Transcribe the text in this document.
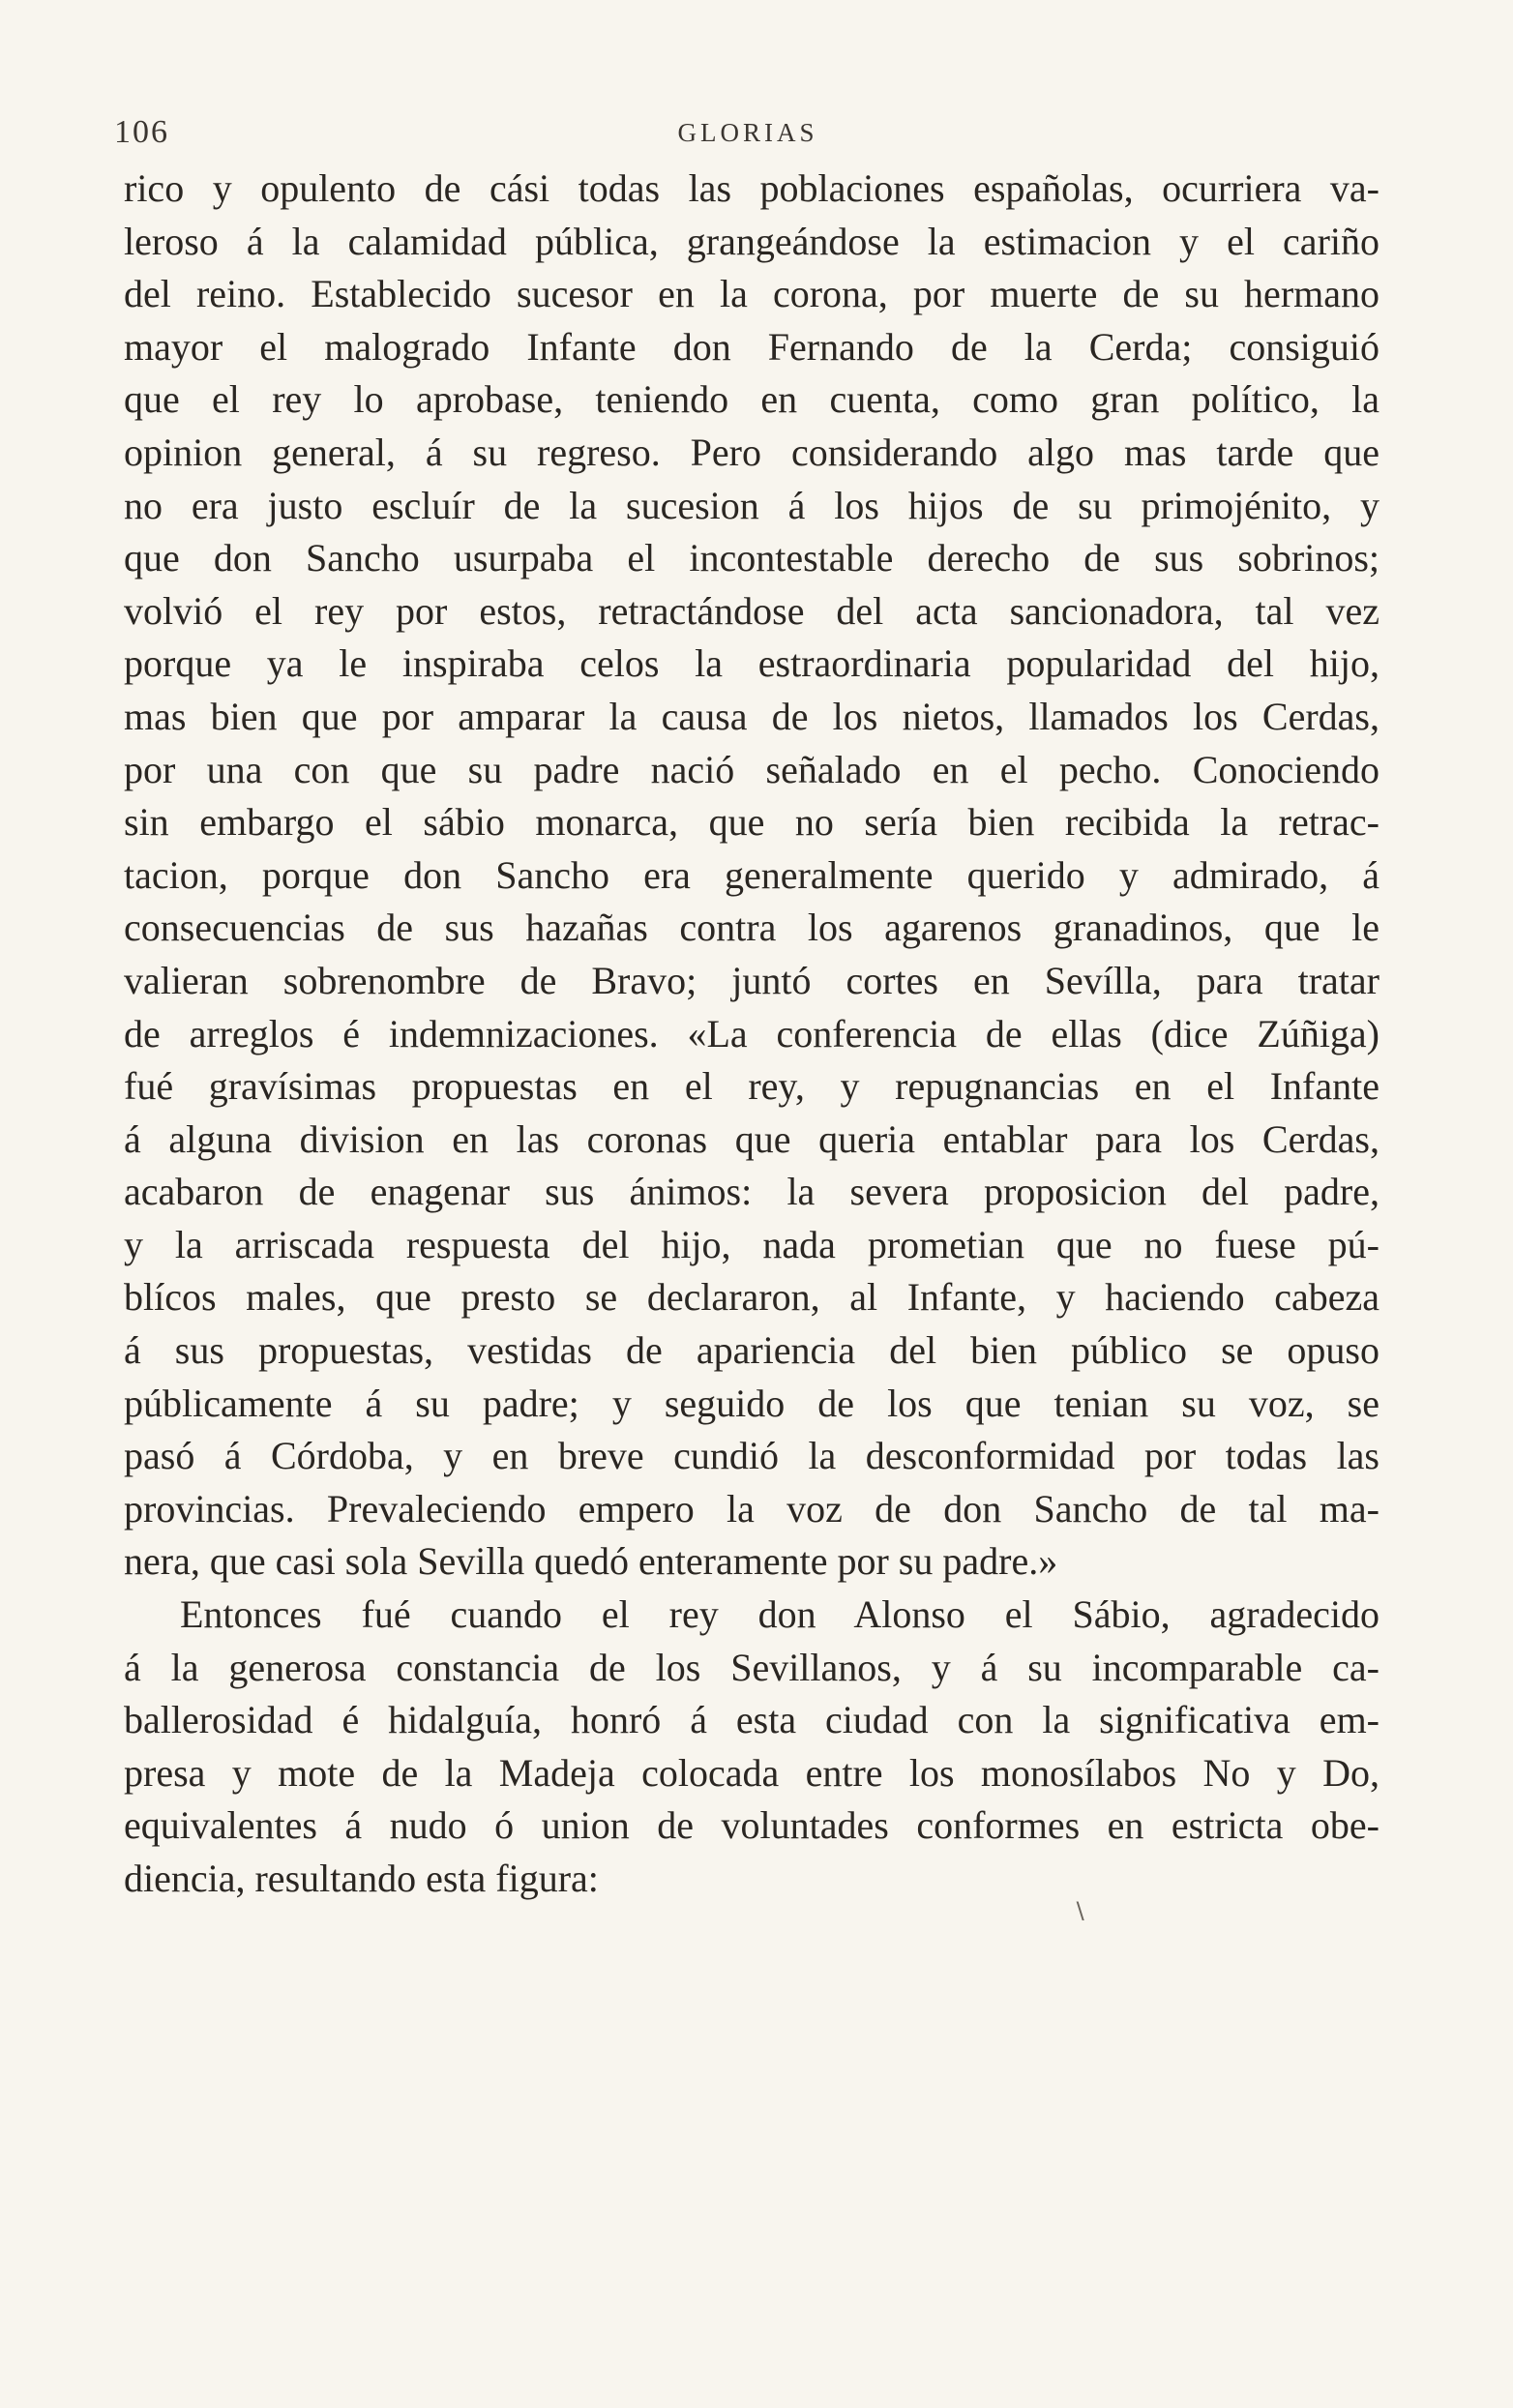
106	GLORIAS
rico y opulento de cási todas las poblaciones españolas, ocurriera va-
leroso á la calamidad pública, grangeándose la estimacion y el cariño
del reino. Establecido sucesor en la corona, por muerte de su hermano
mayor el malogrado Infante don Fernando de la Cerda; consiguió
que el rey lo aprobase, teniendo en cuenta, como gran político, la
opinion general, á su regreso. Pero considerando algo mas tarde que
no era justo escluír de la sucesion á los hijos de su primojénito, y
que don Sancho usurpaba el incontestable derecho de sus sobrinos;
volvió el rey por estos, retractándose del acta sancionadora, tal vez
porque ya le inspiraba celos la estraordinaria popularidad del hijo,
mas bien que por amparar la causa de los nietos, llamados los Cerdas,
por una con que su padre nació señalado en el pecho. Conociendo
sin embargo el sábio monarca, que no sería bien recibida la retrac-
tacion, porque don Sancho era generalmente querido y admirado, á
consecuencias de sus hazañas contra los agarenos granadinos, que le
valieran sobrenombre de Bravo; juntó cortes en Sevílla, para tratar
de arreglos é indemnizaciones. «La conferencia de ellas (dice Zúñiga)
fué gravísimas propuestas en el rey, y repugnancias en el Infante
á alguna division en las coronas que queria entablar para los Cerdas,
acabaron de enagenar sus ánimos: la severa proposicion del padre,
y la arriscada respuesta del hijo, nada prometian que no fuese pú-
blícos males, que presto se declararon, al Infante, y haciendo cabeza
á sus propuestas, vestidas de apariencia del bien público se opuso
públicamente á su padre; y seguido de los que tenian su voz, se
pasó á Córdoba, y en breve cundió la desconformidad por todas las
provincias. Prevaleciendo empero la voz de don Sancho de tal ma-
nera, que casi sola Sevilla quedó enteramente por su padre.»
Entonces fué cuando el rey don Alonso el Sábio, agradecido
á la generosa constancia de los Sevillanos, y á su incomparable ca-
ballerosidad é hidalguía, honró á esta ciudad con la significativa em-
presa y mote de la Madeja colocada entre los monosílabos No y Do,
equivalentes á nudo ó union de voluntades conformes en estricta obe-
diencia, resultando esta figura:
∖
